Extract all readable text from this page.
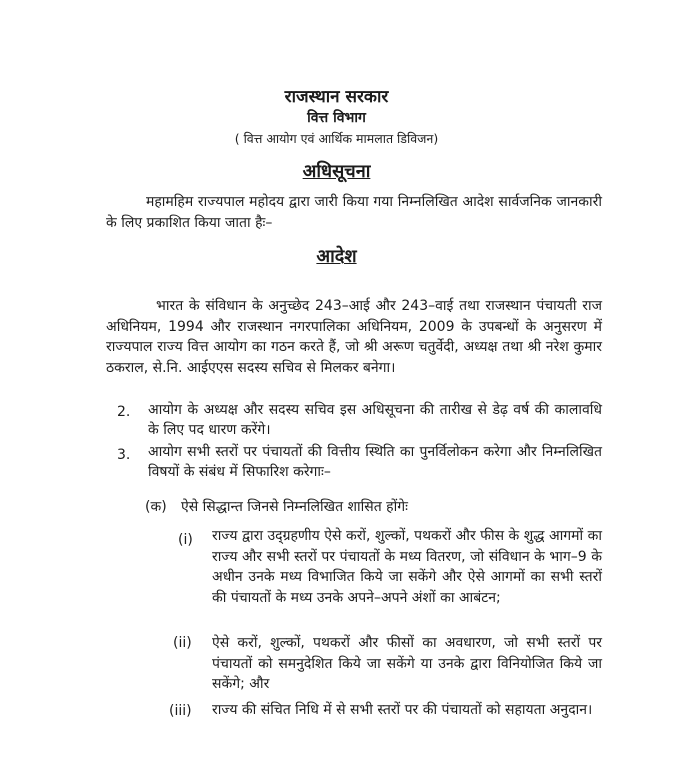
राजस्थान सरकार
वित्त विभाग
( वित्त आयोग एवं आर्थिक मामलात डिविजन)
अधिसूचना
महामहिम राज्यपाल महोदय द्वारा जारी किया गया निम्नलिखित आदेश सार्वजनिक जानकारी के लिए प्रकाशित किया जाता हैः–
आदेश
भारत के संविधान के अनुच्छेद 243–आई और 243–वाई तथा राजस्थान पंचायती राज अधिनियम, 1994 और राजस्थान नगरपालिका अधिनियम, 2009 के उपबन्धों के अनुसरण में राज्यपाल राज्य वित्त आयोग का गठन करते हैं, जो श्री अरूण चतुर्वेदी, अध्यक्ष तथा श्री नरेश कुमार ठकराल, से.नि. आईएएस सदस्य सचिव से मिलकर बनेगा।
2. आयोग के अध्यक्ष और सदस्य सचिव इस अधिसूचना की तारीख से डेढ़ वर्ष की कालावधि के लिए पद धारण करेंगे।
3. आयोग सभी स्तरों पर पंचायतों की वित्तीय स्थिति का पुनर्विलोकन करेगा और निम्नलिखित विषयों के संबंध में सिफारिश करेगाः–
(क) ऐसे सिद्धान्त जिनसे निम्नलिखित शासित होंगेः
(i) राज्य द्वारा उद्ग्रहणीय ऐसे करों, शुल्कों, पथकरों और फीस के शुद्ध आगमों का राज्य और सभी स्तरों पर पंचायतों के मध्य वितरण, जो संविधान के भाग–9 के अधीन उनके मध्य विभाजित किये जा सकेंगे और ऐसे आगमों का सभी स्तरों की पंचायतों के मध्य उनके अपने–अपने अंशों का आबंटन;
(ii) ऐसे करों, शुल्कों, पथकरों और फीसों का अवधारण, जो सभी स्तरों पर पंचायतों को समनुदेशित किये जा सकेंगे या उनके द्वारा विनियोजित किये जा सकेंगे; और
(iii) राज्य की संचित निधि में से सभी स्तरों पर की पंचायतों को सहायता अनुदान।
